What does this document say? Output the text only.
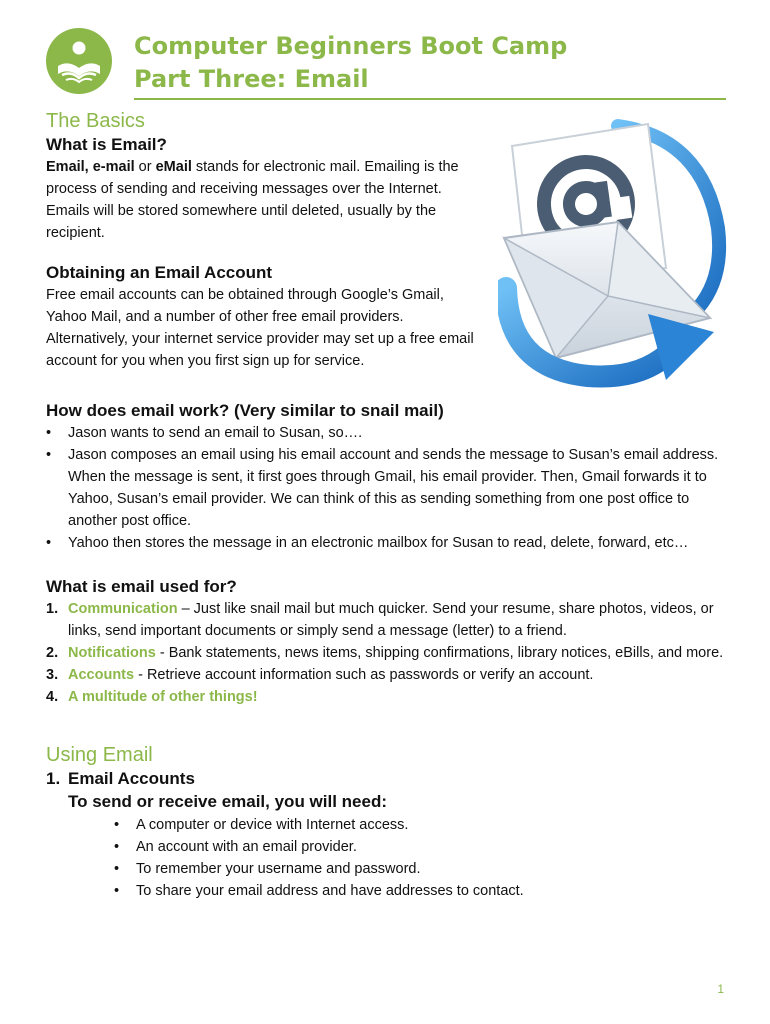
Computer Beginners Boot Camp
Part Three: Email
The Basics
What is Email?

Email, e-mail or eMail stands for electronic mail. Emailing is the process of sending and receiving messages over the Internet. Emails will be stored somewhere until deleted, usually by the recipient.

Obtaining an Email Account

Free email accounts can be obtained through Google’s Gmail, Yahoo Mail, and a number of other free email providers. Alternatively, your internet service provider may set up a free email account for you when you first sign up for service.

How does email work? (Very similar to snail mail)
• Jason wants to send an email to Susan, so….
• Jason composes an email using his email account and sends the message to Susan’s email address. When the message is sent, it first goes through Gmail, his email provider. Then, Gmail forwards it to Yahoo, Susan’s email provider. We can think of this as sending something from one post office to another post office.
• Yahoo then stores the message in an electronic mailbox for Susan to read, delete, forward, etc…
What is email used for?
1. Communication – Just like snail mail but much quicker. Send your resume, share photos, videos, or links, send important documents or simply send a message (letter) to a friend.
2. Notifications - Bank statements, news items, shipping confirmations, library notices, eBills, and more.
3. Accounts - Retrieve account information such as passwords or verify an account.
4. A multitude of other things!
Using Email
1. Email Accounts

To send or receive email, you will need:

• A computer or device with Internet access.
• An account with an email provider.
• To remember your username and password.
• To share your email address and have addresses to contact.
1
